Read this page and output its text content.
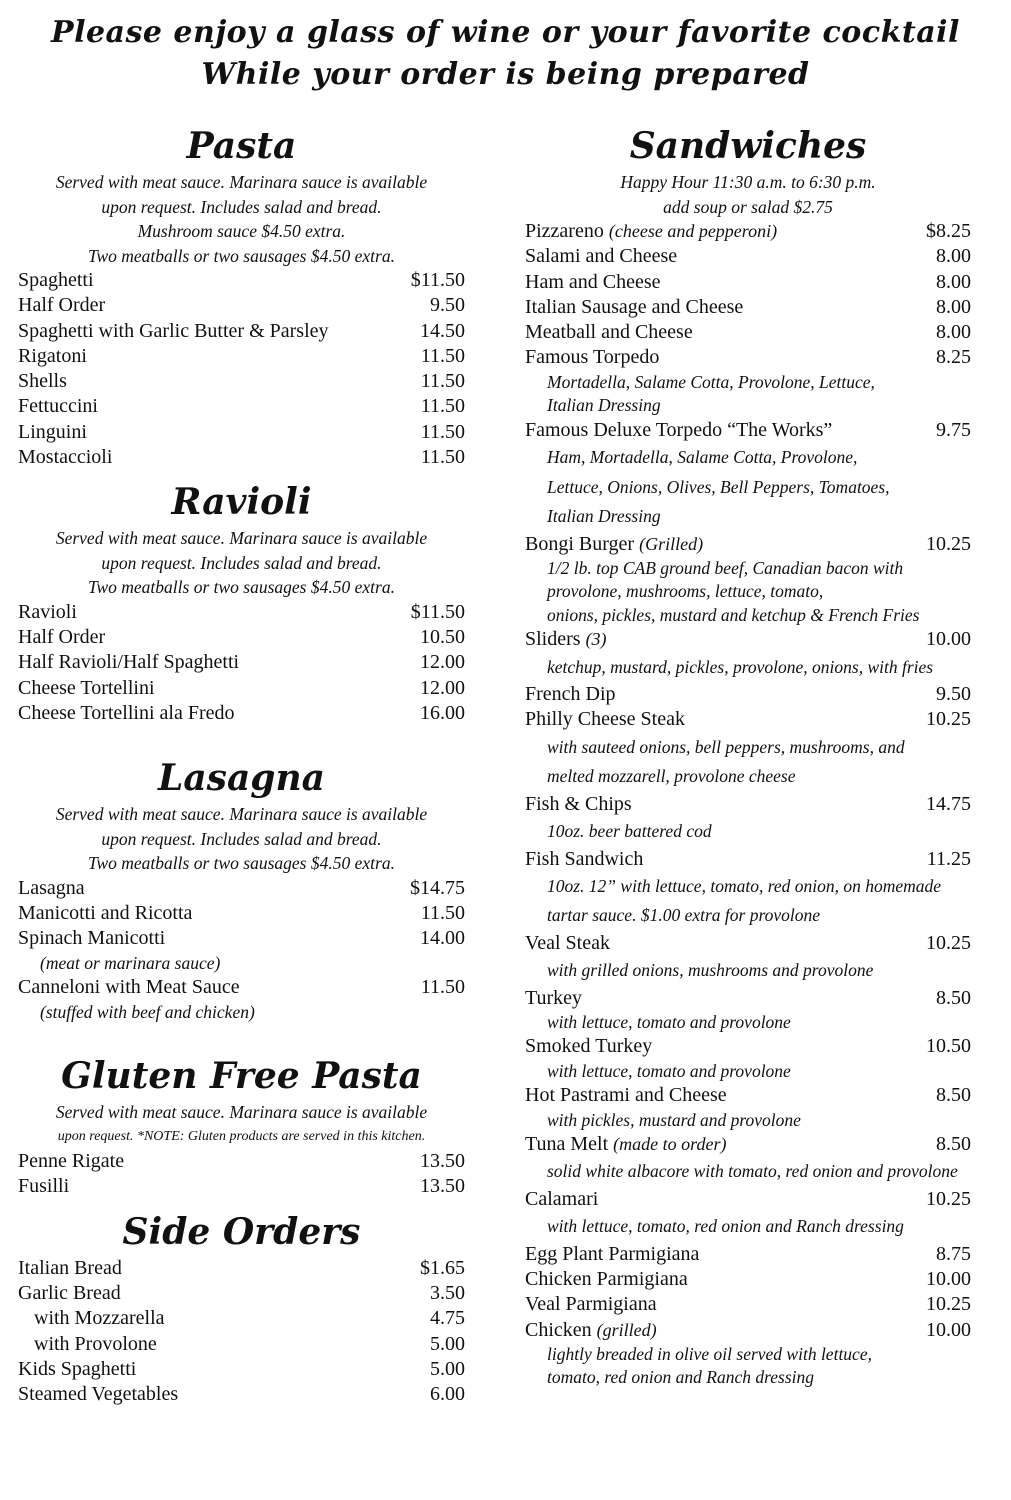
Please enjoy a glass of wine or your favorite cocktail
While your order is being prepared
Pasta

Served with meat sauce. Marinara sauce is available

upon request. Includes salad and bread.

Mushroom sauce $4.50 extra.

Two meatballs or two sausages $4.50 extra.

Spaghetti	$11.50
Half Order	9.50
Spaghetti with Garlic Butter & Parsley	14.50
Rigatoni	11.50
Shells	11.50
Fettuccini	11.50
Linguini	11.50
Mostaccioli	11.50
Ravioli

Served with meat sauce. Marinara sauce is available

upon request. Includes salad and bread.

Two meatballs or two sausages $4.50 extra.

Ravioli	$11.50
Half Order	10.50
Half Ravioli/Half Spaghetti	12.00
Cheese Tortellini	12.00
Cheese Tortellini ala Fredo	16.00
Lasagna

Served with meat sauce. Marinara sauce is available

upon request. Includes salad and bread.

Two meatballs or two sausages $4.50 extra.

Lasagna	$14.75
Manicotti and Ricotta	11.50
Spinach Manicotti	14.00

(meat or marinara sauce)

Canneloni with Meat Sauce	11.50

(stuffed with beef and chicken)

Gluten Free Pasta

Served with meat sauce. Marinara sauce is available

upon request. *NOTE: Gluten products are served in this kitchen.

Penne Rigate	13.50
Fusilli	13.50
Side Orders
Italian Bread	$1.65
Garlic Bread	3.50
with Mozzarella	4.75
with Provolone	5.00
Kids Spaghetti	5.00
Steamed Vegetables	6.00
Sandwiches

Happy Hour 11:30 a.m. to 6:30 p.m.

add soup or salad $2.75

Pizzareno (cheese and pepperoni)	$8.25
Salami and Cheese	8.00
Ham and Cheese	8.00
Italian Sausage and Cheese	8.00
Meatball and Cheese	8.00
Famous Torpedo	8.25

Mortadella, Salame Cotta, Provolone, Lettuce,

Italian Dressing

Famous Deluxe Torpedo “The Works”	9.75

Ham, Mortadella, Salame Cotta, Provolone,

Lettuce, Onions, Olives, Bell Peppers, Tomatoes,

Italian Dressing

Bongi Burger (Grilled)	10.25

1/2 lb. top CAB ground beef, Canadian bacon with

provolone, mushrooms, lettuce, tomato,

onions, pickles, mustard and ketchup & French Fries

Sliders (3)	10.00

ketchup, mustard, pickles, provolone, onions, with fries

French Dip	9.50
Philly Cheese Steak	10.25

with sauteed onions, bell peppers, mushrooms, and

melted mozzarell, provolone cheese

Fish & Chips	14.75

10oz. beer battered cod

Fish Sandwich	11.25

10oz. 12” with lettuce, tomato, red onion, on homemade

tartar sauce. $1.00 extra for provolone

Veal Steak	10.25

with grilled onions, mushrooms and provolone

Turkey	8.50

with lettuce, tomato and provolone

Smoked Turkey	10.50

with lettuce, tomato and provolone

Hot Pastrami and Cheese	8.50

with pickles, mustard and provolone

Tuna Melt (made to order)	8.50

solid white albacore with tomato, red onion and provolone

Calamari	10.25

with lettuce, tomato, red onion and Ranch dressing

Egg Plant Parmigiana	8.75
Chicken Parmigiana	10.00
Veal Parmigiana	10.25
Chicken (grilled)	10.00

lightly breaded in olive oil served with lettuce,

tomato, red onion and Ranch dressing
